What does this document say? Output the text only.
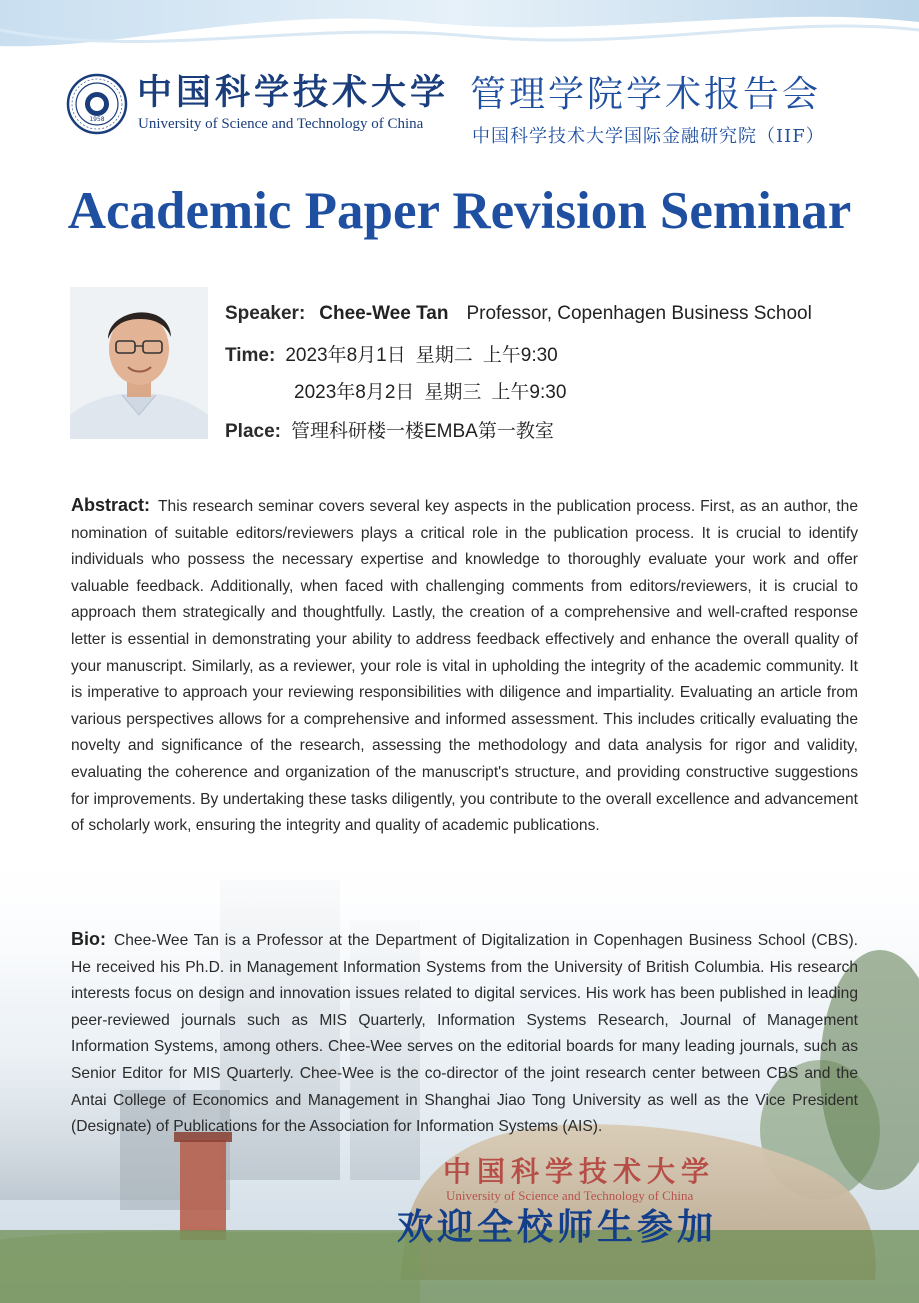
1958
中国科学技术大学
University of Science and Technology of China
管理学院学术报告会
中国科学技术大学国际金融研究院（IIF）
Academic Paper Revision Seminar
Speaker: Chee-Wee Tan Professor, Copenhagen Business School
Time: 2023年8月1日 星期二 上午9:30
2023年8月2日 星期三 上午9:30
Place: 管理科研楼一楼EMBA第一教室
中国科学技术大学
University of Science and Technology of China

Abstract: This research seminar covers several key aspects in the publication process. First, as an author, the nomination of suitable editors/reviewers plays a critical role in the publication process. It is crucial to identify individuals who possess the necessary expertise and knowledge to thoroughly evaluate your work and offer valuable feedback. Additionally, when faced with challenging comments from editors/reviewers, it is crucial to approach them strategically and thoughtfully. Lastly, the creation of a comprehensive and well-crafted response letter is essential in demonstrating your ability to address feedback effectively and enhance the overall quality of your manuscript. Similarly, as a reviewer, your role is vital in upholding the integrity of the academic community. It is imperative to approach your reviewing responsibilities with diligence and impartiality. Evaluating an article from various perspectives allows for a comprehensive and informed assessment. This includes critically evaluating the novelty and significance of the research, assessing the methodology and data analysis for rigor and validity, evaluating the coherence and organization of the manuscript's structure, and providing constructive suggestions for improvements. By undertaking these tasks diligently, you contribute to the overall excellence and advancement of scholarly work, ensuring the integrity and quality of academic publications.

Bio: Chee-Wee Tan is a Professor at the Department of Digitalization in Copenhagen Business School (CBS). He received his Ph.D. in Management Information Systems from the University of British Columbia. His research interests focus on design and innovation issues related to digital services. His work has been published in leading peer-reviewed journals such as MIS Quarterly, Information Systems Research, Journal of Management Information Systems, among others. Chee-Wee serves on the editorial boards for many leading journals, such as Senior Editor for MIS Quarterly. Chee-Wee is the co-director of the joint research center between CBS and the Antai College of Economics and Management in Shanghai Jiao Tong University as well as the Vice President (Designate) of Publications for the Association for Information Systems (AIS).

欢迎全校师生参加
